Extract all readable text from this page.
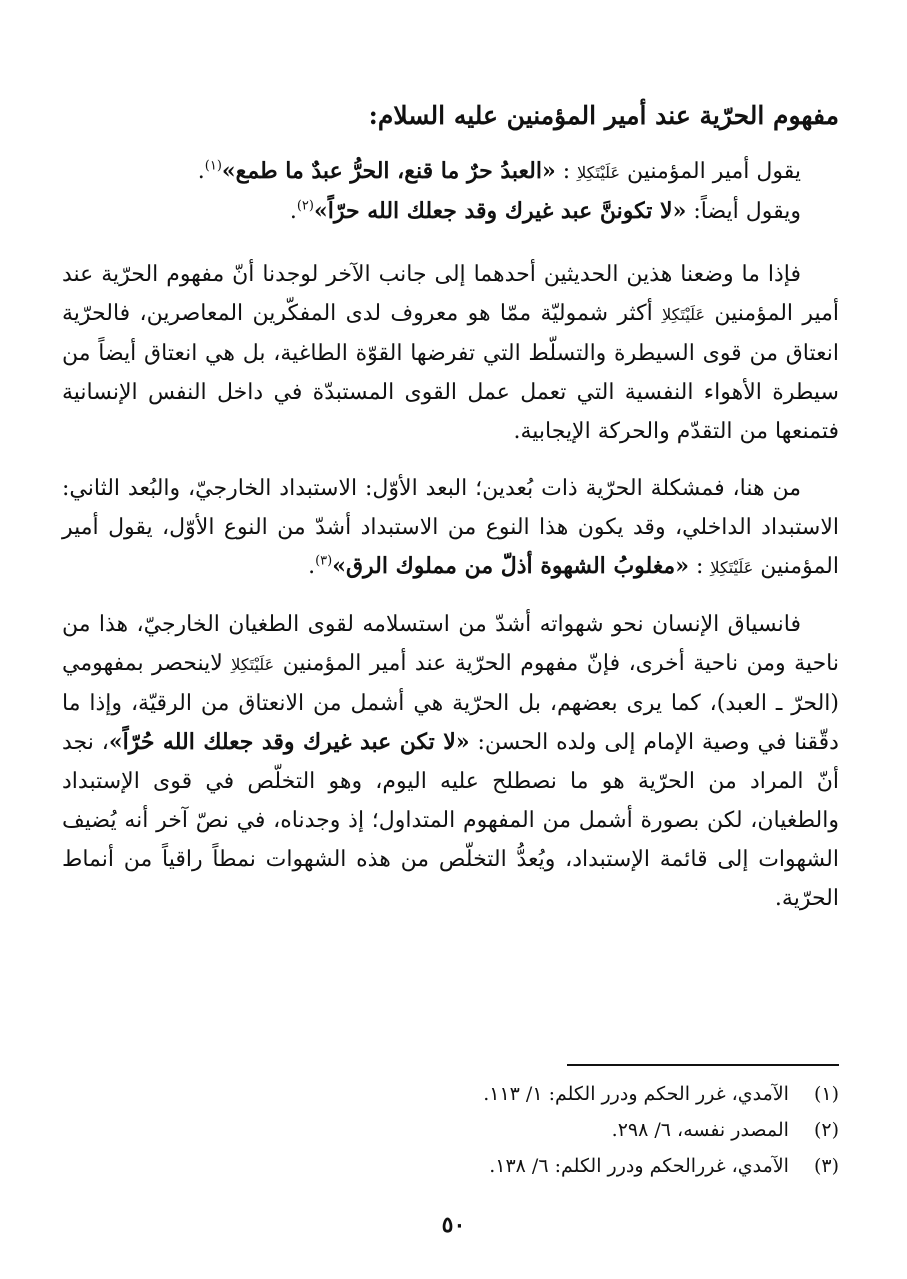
مفهوم الحرّية عند أمير المؤمنين عليه السلام:

يقول أمير المؤمنين عَلَيْتَكِلاِ : «العبدُ حرٌ ما قنع، الحرُّ عبدٌ ما طمع»$^{(١)}$.

ويقول أيضاً: «لا تكوننَّ عبد غيرك وقد جعلك الله حرّاً»$^{(٢)}$.

فإذا ما وضعنا هذين الحديثين أحدهما إلى جانب الآخر لوجدنا أنّ مفهوم الحرّية عند أمير المؤمنين عَلَيْتَكِلاِ أكثر شموليّة ممّا هو معروف لدى المفكّرين المعاصرين، فالحرّية انعتاق من قوى السيطرة والتسلّط التي تفرضها القوّة الطاغية، بل هي انعتاق أيضاً من سيطرة الأهواء النفسية التي تعمل عمل القوى المستبدّة في داخل النفس الإنسانية فتمنعها من التقدّم والحركة الإيجابية.

من هنا، فمشكلة الحرّية ذات بُعدين؛ البعد الأوّل: الاستبداد الخارجيّ، والبُعد الثاني: الاستبداد الداخلي، وقد يكون هذا النوع من الاستبداد أشدّ من النوع الأوّل، يقول أمير المؤمنين عَلَيْتَكِلاِ : «مغلوبُ الشهوة أذلّ من مملوك الرق»$^{(٣)}$.

فانسياق الإنسان نحو شهواته أشدّ من استسلامه لقوى الطغيان الخارجيّ، هذا من ناحية ومن ناحية أخرى، فإنّ مفهوم الحرّية عند أمير المؤمنين عَلَيْتَكِلاِ لاينحصر بمفهومي (الحرّ ـ العبد)، كما يرى بعضهم، بل الحرّية هي أشمل من الانعتاق من الرقيّة، وإذا ما دقّقنا في وصية الإمام إلى ولده الحسن: «لا تكن عبد غيرك وقد جعلك الله حُرّاً»، نجد أنّ المراد من الحرّية هو ما نصطلح عليه اليوم، وهو التخلّص في قوى الإستبداد والطغيان، لكن بصورة أشمل من المفهوم المتداول؛ إذ وجدناه، في نصّ آخر أنه يُضيف الشهوات إلى قائمة الإستبداد، ويُعدُّ التخلّص من هذه الشهوات نمطاً راقياً من أنماط الحرّية.

(١) الآمدي، غرر الحكم ودرر الكلم: ١/ ١١٣.
(٢) المصدر نفسه، ٦/ ٢٩٨.
(٣) الآمدي، غررالحكم ودرر الكلم: ٦/ ١٣٨.
٥٠
